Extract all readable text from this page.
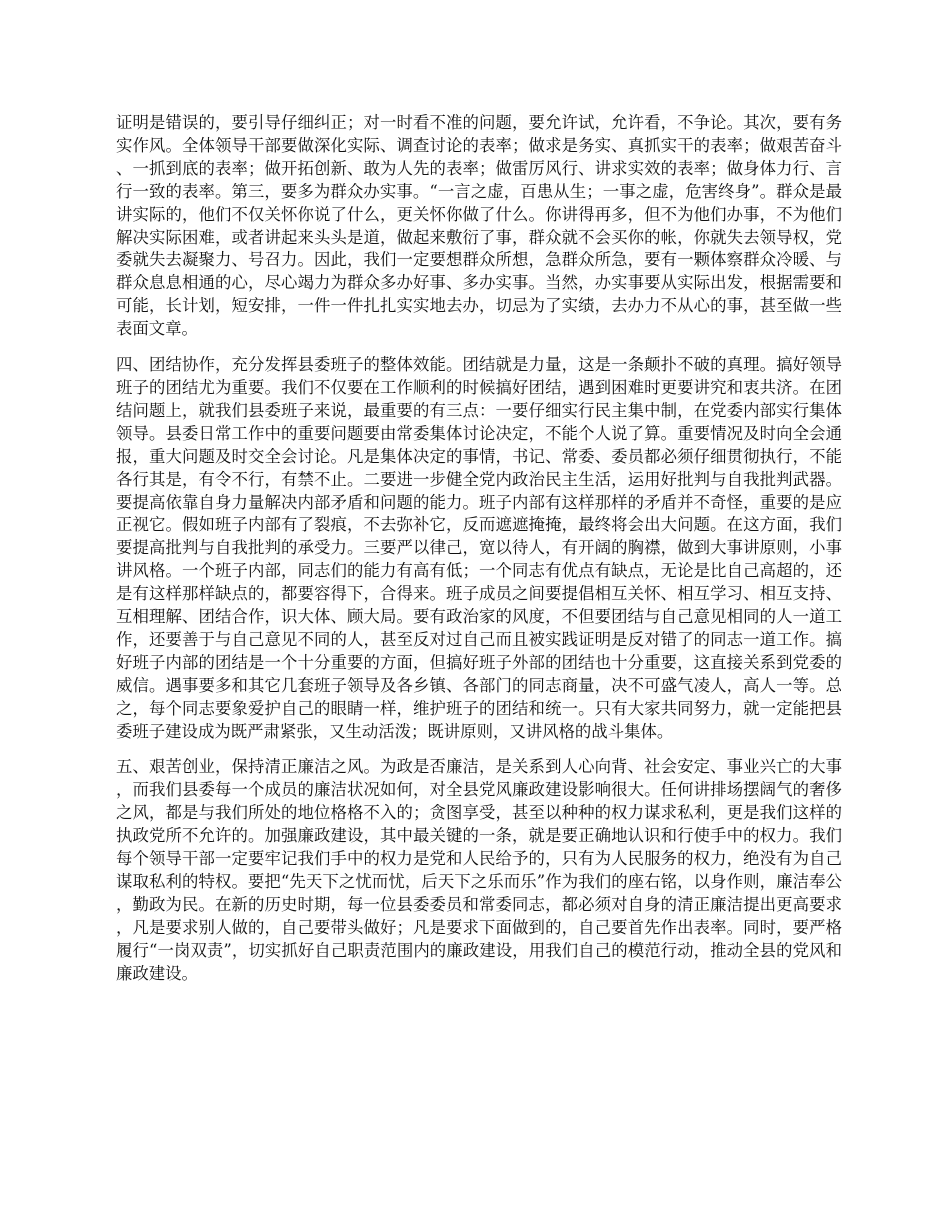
证明是错误的，要引导仔细纠正；对一时看不准的问题，要允许试，允许看，不争论。其次，要有务实作风。全体领导干部要做深化实际、调查讨论的表率；做求是务实、真抓实干的表率；做艰苦奋斗、一抓到底的表率；做开拓创新、敢为人先的表率；做雷厉风行、讲求实效的表率；做身体力行、言行一致的表率。第三，要多为群众办实事。“一言之虚，百患从生；一事之虚，危害终身”。群众是最讲实际的，他们不仅关怀你说了什么，更关怀你做了什么。你讲得再多，但不为他们办事，不为他们解决实际困难，或者讲起来头头是道，做起来敷衍了事，群众就不会买你的帐，你就失去领导权，党委就失去凝聚力、号召力。因此，我们一定要想群众所想，急群众所急，要有一颗体察群众冷暖、与群众息息相通的心，尽心竭力为群众多办好事、多办实事。当然，办实事要从实际出发，根据需要和可能，长计划，短安排，一件一件扎扎实实地去办，切忌为了实绩，去办力不从心的事，甚至做一些表面文章。

四、团结协作，充分发挥县委班子的整体效能。团结就是力量，这是一条颠扑不破的真理。搞好领导班子的团结尤为重要。我们不仅要在工作顺利的时候搞好团结，遇到困难时更要讲究和衷共济。在团结问题上，就我们县委班子来说，最重要的有三点：一要仔细实行民主集中制，在党委内部实行集体领导。县委日常工作中的重要问题要由常委集体讨论决定，不能个人说了算。重要情况及时向全会通报，重大问题及时交全会讨论。凡是集体决定的事情，书记、常委、委员都必须仔细贯彻执行，不能各行其是，有令不行，有禁不止。二要进一步健全党内政治民主生活，运用好批判与自我批判武器。要提高依靠自身力量解决内部矛盾和问题的能力。班子内部有这样那样的矛盾并不奇怪，重要的是应正视它。假如班子内部有了裂痕，不去弥补它，反而遮遮掩掩，最终将会出大问题。在这方面，我们要提高批判与自我批判的承受力。三要严以律己，宽以待人，有开阔的胸襟，做到大事讲原则，小事讲风格。一个班子内部，同志们的能力有高有低；一个同志有优点有缺点，无论是比自己高超的，还是有这样那样缺点的，都要容得下，合得来。班子成员之间要提倡相互关怀、相互学习、相互支持、互相理解、团结合作，识大体、顾大局。要有政治家的风度，不但要团结与自己意见相同的人一道工作，还要善于与自己意见不同的人，甚至反对过自己而且被实践证明是反对错了的同志一道工作。搞好班子内部的团结是一个十分重要的方面，但搞好班子外部的团结也十分重要，这直接关系到党委的威信。遇事要多和其它几套班子领导及各乡镇、各部门的同志商量，决不可盛气凌人，高人一等。总之，每个同志要象爱护自己的眼睛一样，维护班子的团结和统一。只有大家共同努力，就一定能把县委班子建设成为既严肃紧张，又生动活泼；既讲原则，又讲风格的战斗集体。

五、艰苦创业，保持清正廉洁之风。为政是否廉洁，是关系到人心向背、社会安定、事业兴亡的大事，而我们县委每一个成员的廉洁状况如何，对全县党风廉政建设影响很大。任何讲排场摆阔气的奢侈之风，都是与我们所处的地位格格不入的；贪图享受，甚至以种种的权力谋求私利，更是我们这样的执政党所不允许的。加强廉政建设，其中最关键的一条，就是要正确地认识和行使手中的权力。我们每个领导干部一定要牢记我们手中的权力是党和人民给予的，只有为人民服务的权力，绝没有为自己谋取私利的特权。要把“先天下之忧而忧，后天下之乐而乐”作为我们的座右铭，以身作则，廉洁奉公，勤政为民。在新的历史时期，每一位县委委员和常委同志，都必须对自身的清正廉洁提出更高要求，凡是要求别人做的，自己要带头做好；凡是要求下面做到的，自己要首先作出表率。同时，要严格履行“一岗双责”，切实抓好自己职责范围内的廉政建设，用我们自己的模范行动，推动全县的党风和廉政建设。
